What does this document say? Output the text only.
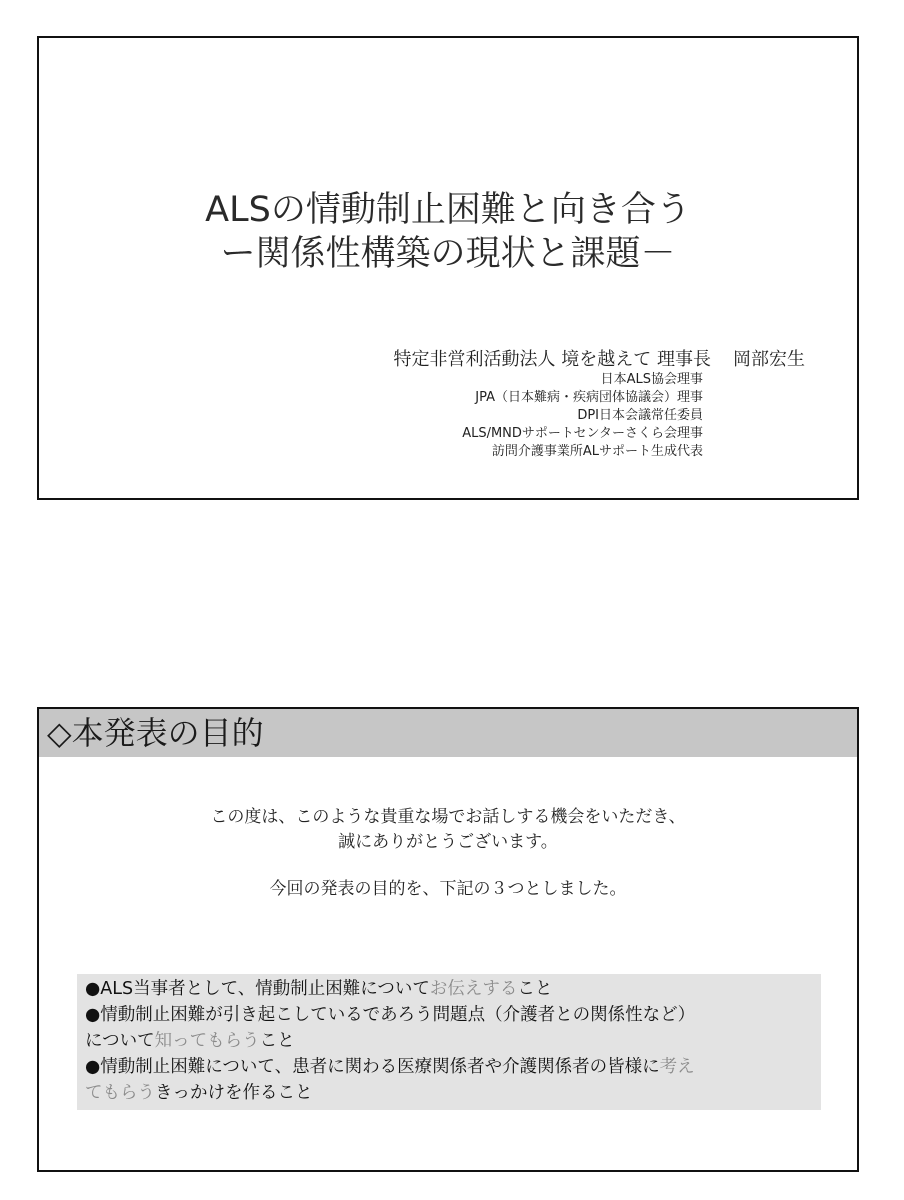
ALSの情動制止困難と向き合う
ー関係性構築の現状と課題－
特定非営利活動法人 境を越えて 理事長 岡部宏生
日本ALS協会理事
JPA（日本難病・疾病団体協議会）理事
DPI日本会議常任委員
ALS/MNDサポートセンターさくら会理事
訪問介護事業所ALサポート生成代表
◇本発表の目的
この度は、このような貴重な場でお話しする機会をいただき、
誠にありがとうございます。
今回の発表の目的を、下記の３つとしました。
●ALS当事者として、情動制止困難についてお伝えすること
●情動制止困難が引き起こしているであろう問題点（介護者との関係性など）
について知ってもらうこと
●情動制止困難について、患者に関わる医療関係者や介護関係者の皆様に考え
てもらうきっかけを作ること
